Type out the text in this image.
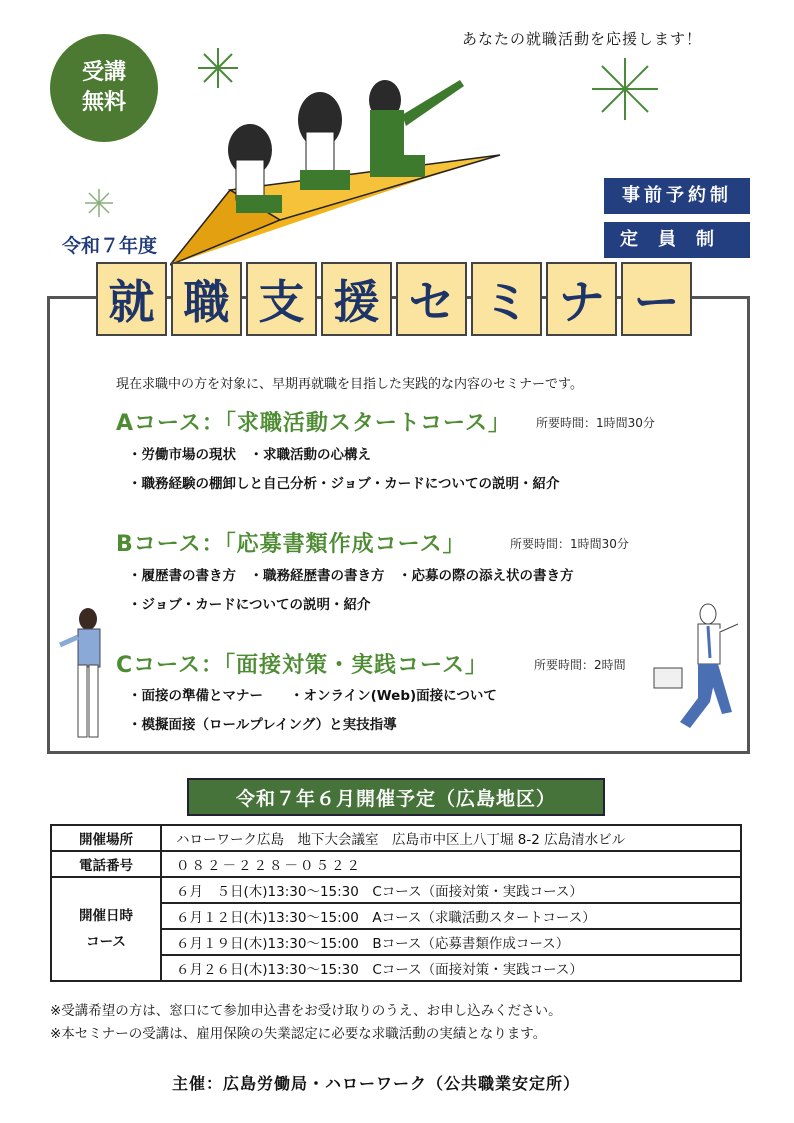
あなたの就職活動を応援します！
受講
無料
令和７年度
事前予約制
定員制
就 職 支 援 セ ミ ナ ー
現在求職中の方を対象に、早期再就職を目指した実践的な内容のセミナーです。
Aコース：「求職活動スタートコース」 所要時間：1時間30分
・労働市場の現状　・求職活動の心構え
・職務経験の棚卸しと自己分析・ジョブ・カードについての説明・紹介
Bコース：「応募書類作成コース」	所要時間：1時間30分
・履歴書の書き方　・職務経歴書の書き方　・応募の際の添え状の書き方
・ジョブ・カードについての説明・紹介
Cコース：「面接対策・実践コース」	所要時間：2時間
・面接の準備とマナー　　・オンライン(Web)面接について
・模擬面接（ロールプレイング）と実技指導
令和７年６月開催予定（広島地区）
開催場所	ハローワーク広島　地下大会議室　広島市中区上八丁堀 8-2 広島清水ビル
電話番号	０８２－２２８－０５２２

開催日時
コース	６月　５日(木)13:30～15:30　Cコース（面接対策・実践コース）
	６月１２日(木)13:30～15:00　Aコース（求職活動スタートコース）
	６月１９日(木)13:30～15:00　Bコース（応募書類作成コース）
	６月２６日(木)13:30～15:30　Cコース（面接対策・実践コース）
※受講希望の方は、窓口にて参加申込書をお受け取りのうえ、お申し込みください。
※本セミナーの受講は、雇用保険の失業認定に必要な求職活動の実績となります。
主催：広島労働局・ハローワーク（公共職業安定所）
